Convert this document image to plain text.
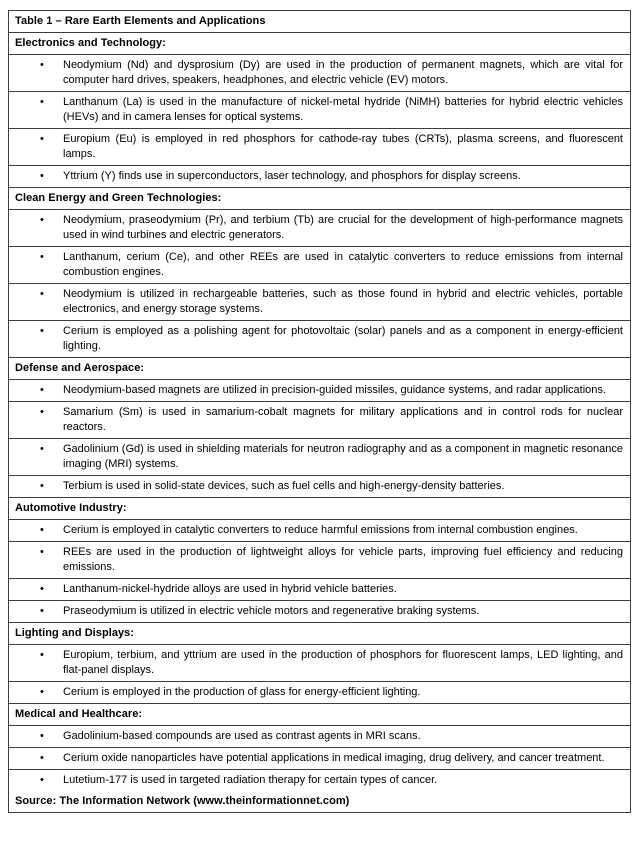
Table 1 – Rare Earth Elements and Applications
Electronics and Technology:
• Neodymium (Nd) and dysprosium (Dy) are used in the production of permanent magnets, which are vital for computer hard drives, speakers, headphones, and electric vehicle (EV) motors.
• Lanthanum (La) is used in the manufacture of nickel-metal hydride (NiMH) batteries for hybrid electric vehicles (HEVs) and in camera lenses for optical systems.
• Europium (Eu) is employed in red phosphors for cathode-ray tubes (CRTs), plasma screens, and fluorescent lamps.
• Yttrium (Y) finds use in superconductors, laser technology, and phosphors for display screens.
Clean Energy and Green Technologies:
• Neodymium, praseodymium (Pr), and terbium (Tb) are crucial for the development of high-performance magnets used in wind turbines and electric generators.
• Lanthanum, cerium (Ce), and other REEs are used in catalytic converters to reduce emissions from internal combustion engines.
• Neodymium is utilized in rechargeable batteries, such as those found in hybrid and electric vehicles, portable electronics, and energy storage systems.
• Cerium is employed as a polishing agent for photovoltaic (solar) panels and as a component in energy-efficient lighting.
Defense and Aerospace:
• Neodymium-based magnets are utilized in precision-guided missiles, guidance systems, and radar applications.
• Samarium (Sm) is used in samarium-cobalt magnets for military applications and in control rods for nuclear reactors.
• Gadolinium (Gd) is used in shielding materials for neutron radiography and as a component in magnetic resonance imaging (MRI) systems.
• Terbium is used in solid-state devices, such as fuel cells and high-energy-density batteries.
Automotive Industry:
• Cerium is employed in catalytic converters to reduce harmful emissions from internal combustion engines.
• REEs are used in the production of lightweight alloys for vehicle parts, improving fuel efficiency and reducing emissions.
• Lanthanum-nickel-hydride alloys are used in hybrid vehicle batteries.
• Praseodymium is utilized in electric vehicle motors and regenerative braking systems.
Lighting and Displays:
• Europium, terbium, and yttrium are used in the production of phosphors for fluorescent lamps, LED lighting, and flat-panel displays.
• Cerium is employed in the production of glass for energy-efficient lighting.
Medical and Healthcare:
• Gadolinium-based compounds are used as contrast agents in MRI scans.
• Cerium oxide nanoparticles have potential applications in medical imaging, drug delivery, and cancer treatment.
• Lutetium-177 is used in targeted radiation therapy for certain types of cancer.
Source: The Information Network (www.theinformationnet.com)
